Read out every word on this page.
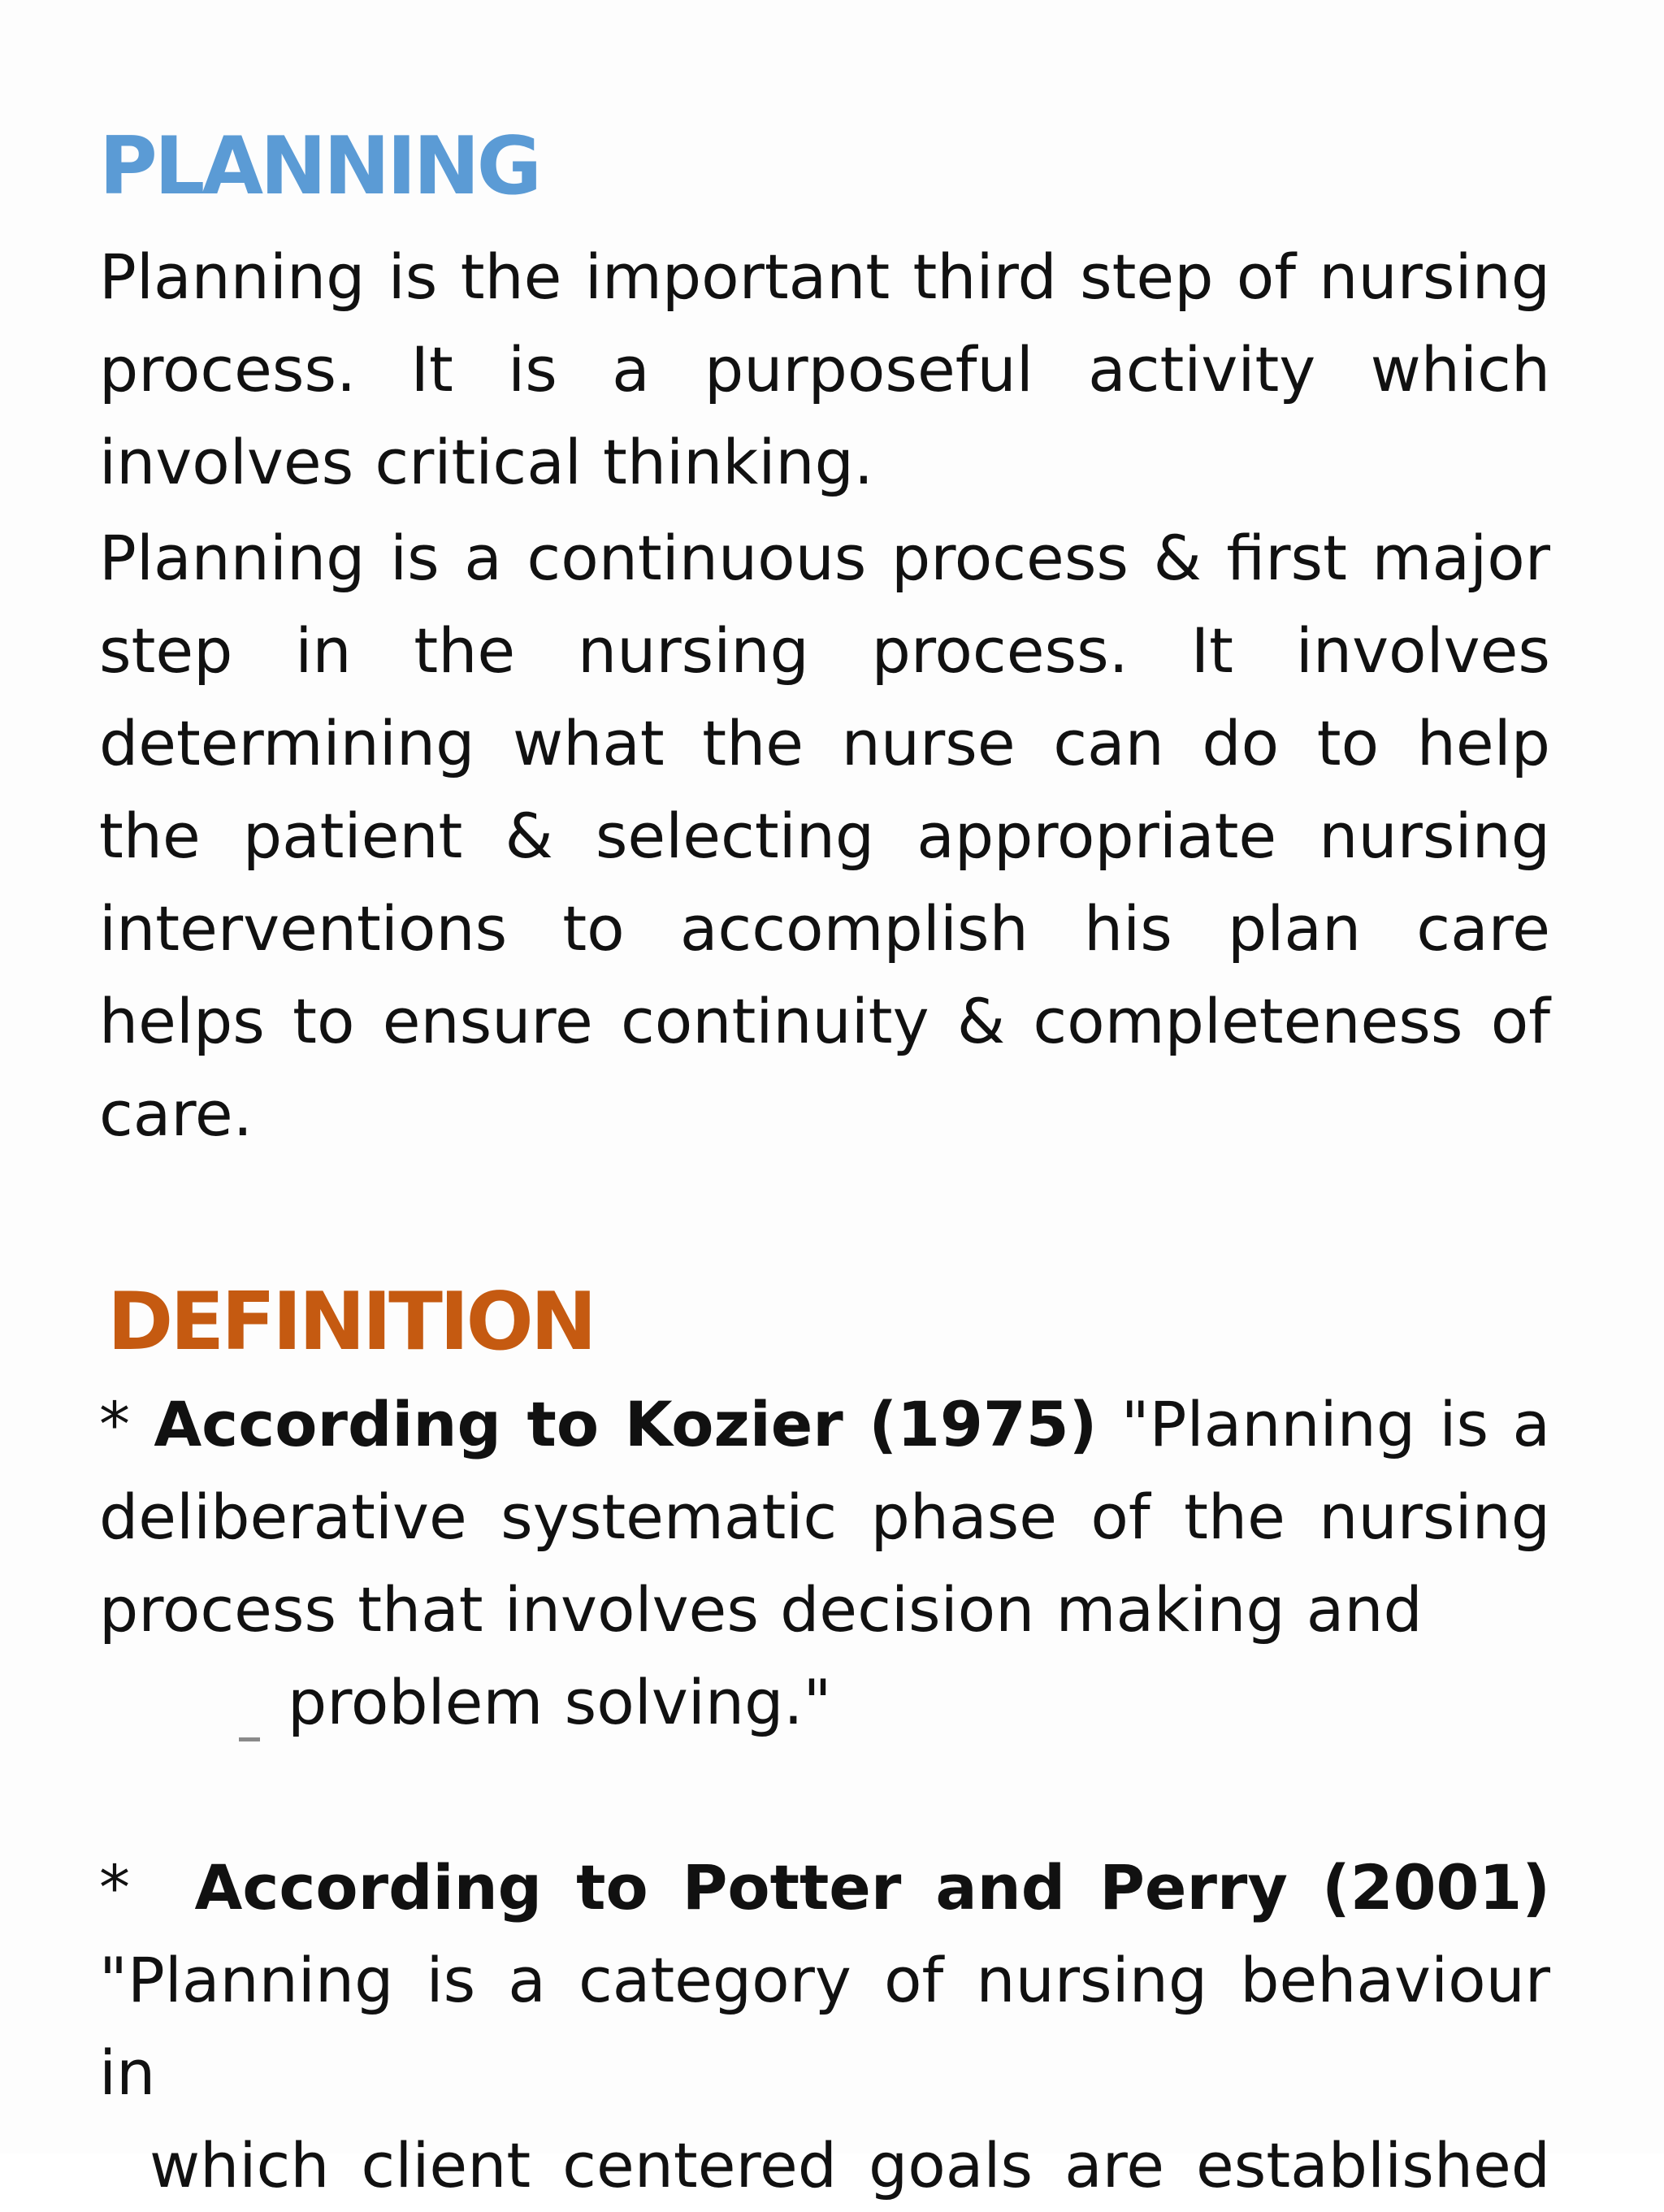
PLANNING

Planning is the important third step of nursing process. It is a purposeful activity which involves critical thinking.

Planning is a continuous process & first major step in the nursing process. It involves determining what the nurse can do to help the patient & selecting appropriate nursing interventions to accomplish his plan care helps to ensure continuity & completeness of care.

DEFINITION

* According to Kozier (1975) "Planning is a deliberative systematic phase of the nursing process that involves decision making and

problem solving."

* According to Potter and Perry (2001) "Planning is a category of nursing behaviour in

which client centered goals are established
